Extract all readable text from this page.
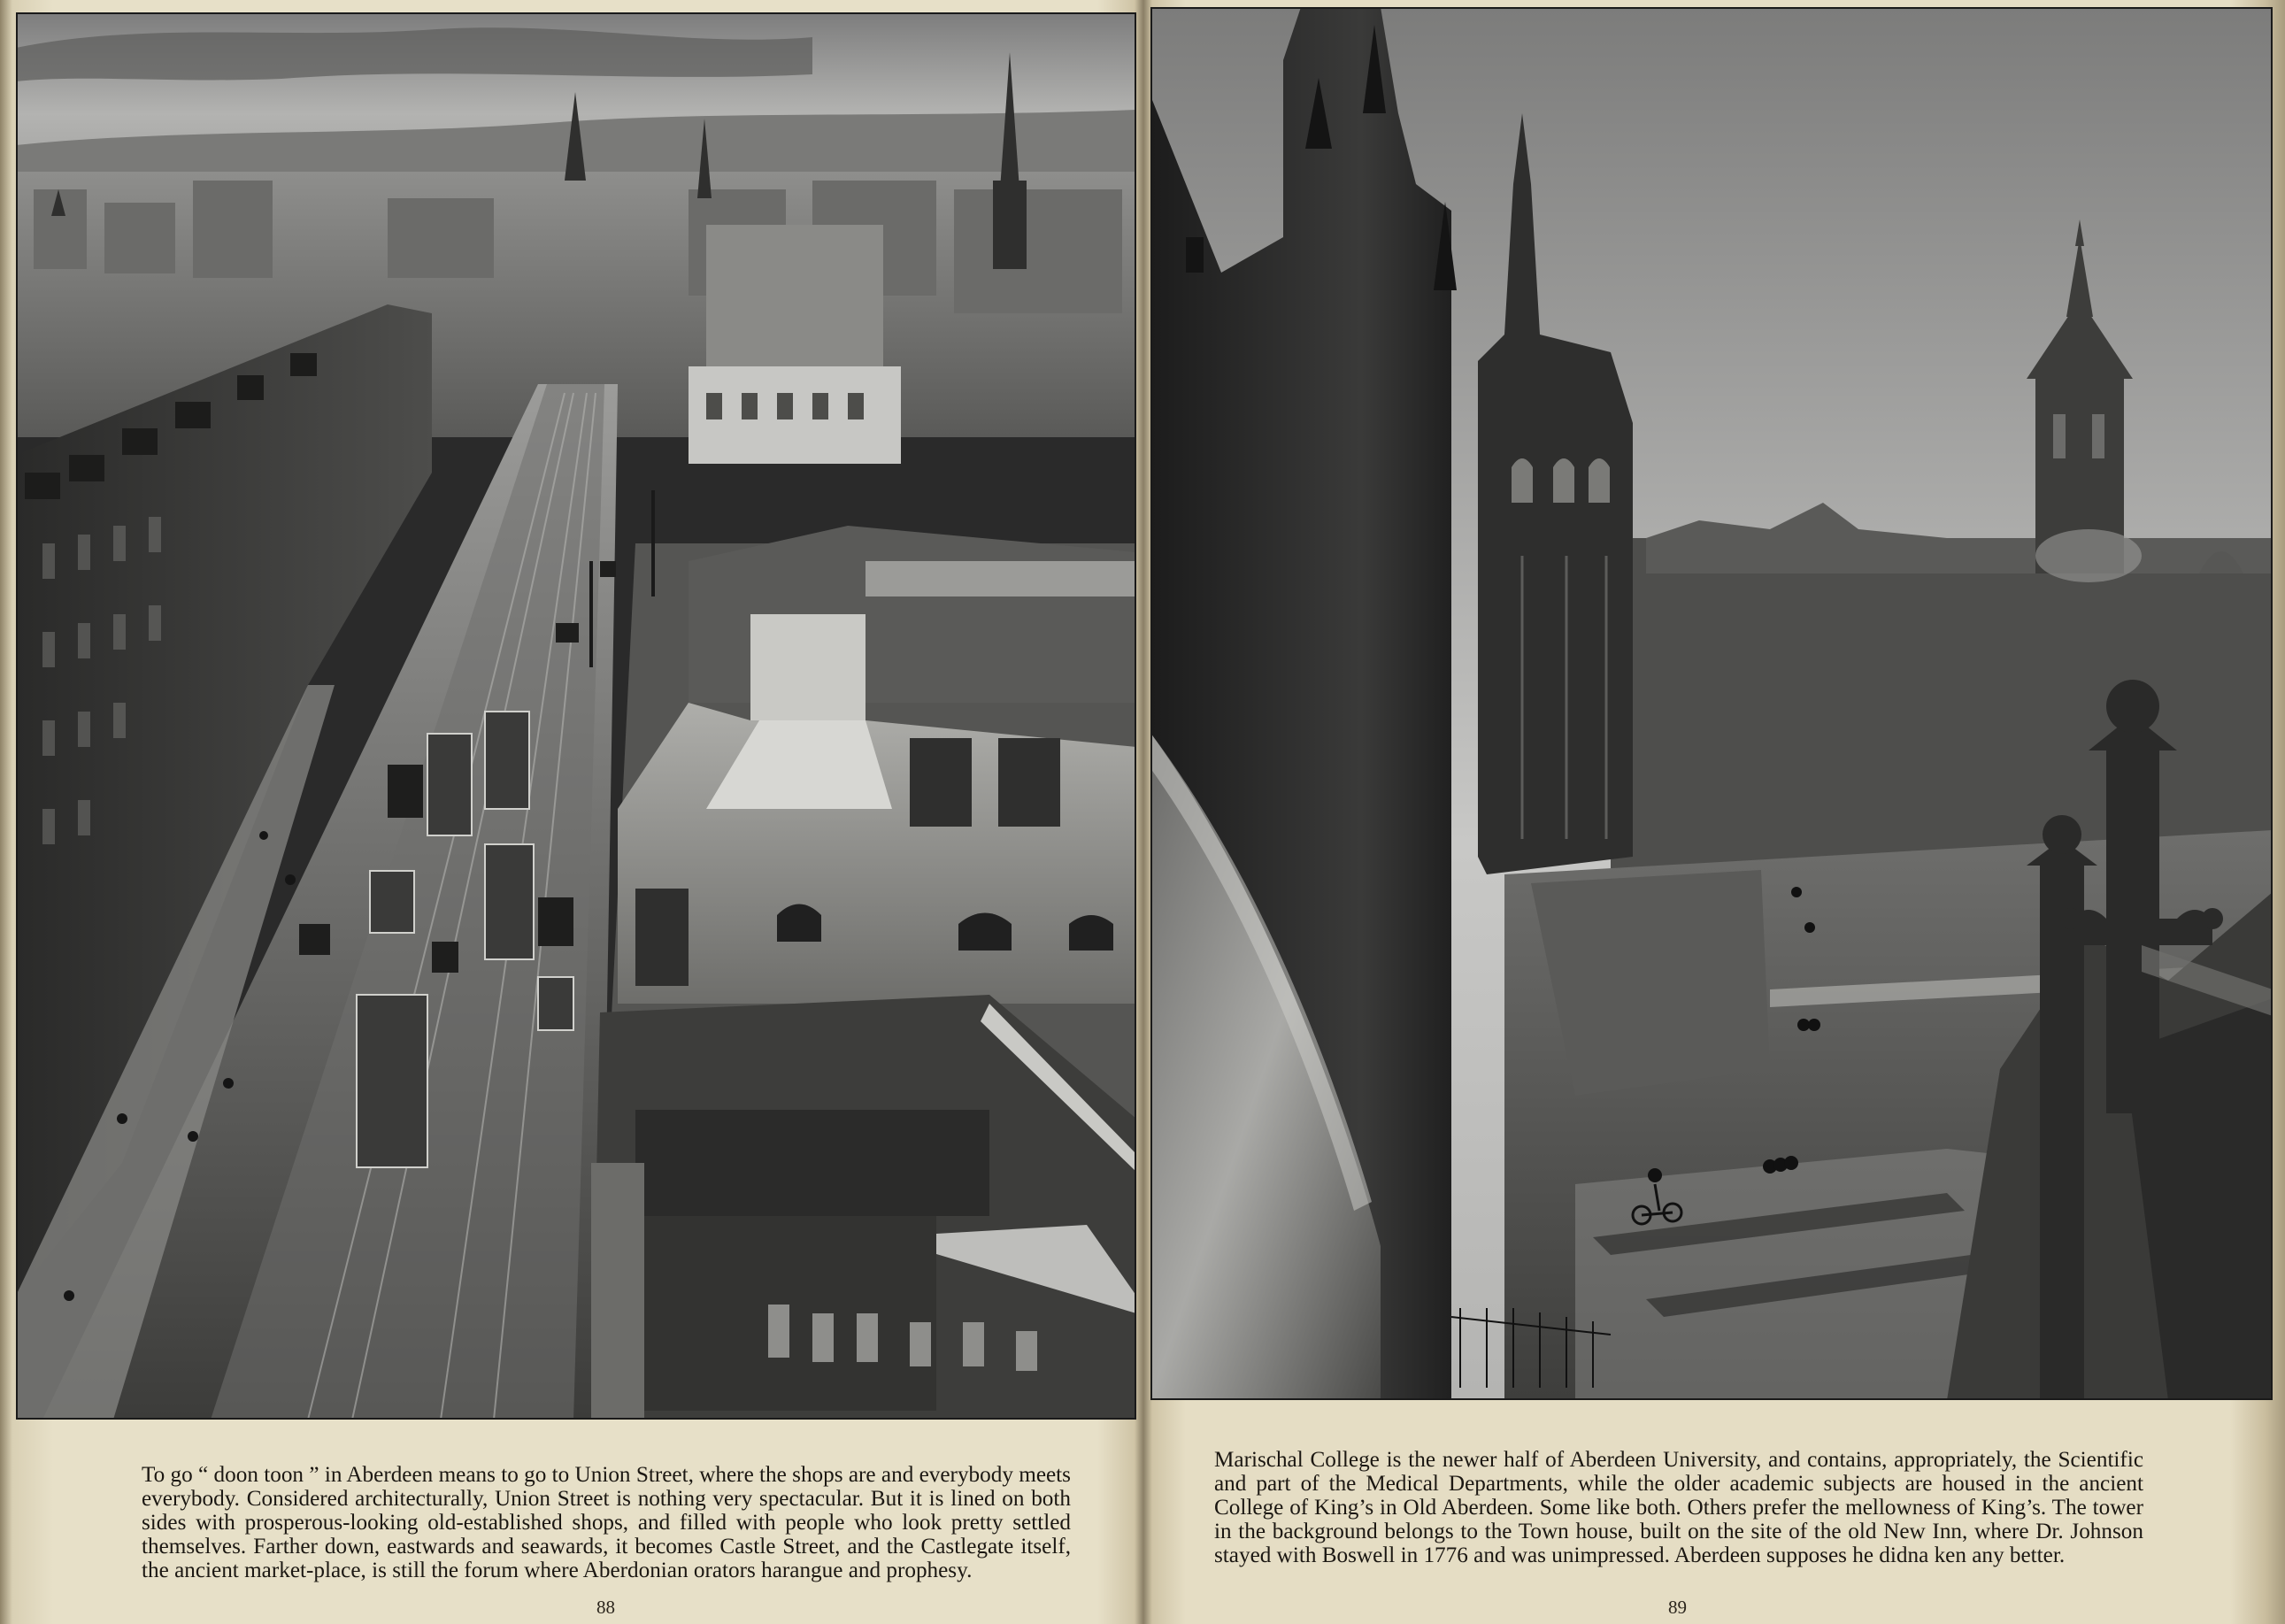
To go “ doon toon ” in Aberdeen means to go to Union Street, where the shops are and everybody meets everybody. Considered architecturally, Union Street is nothing very spectacular. But it is lined on both sides with prosperous-looking old-established shops, and filled with people who look pretty settled themselves. Farther down, eastwards and seawards, it becomes Castle Street, and the Castlegate itself, the ancient market-place, is still the forum where Aberdonian orators harangue and prophesy.

88

Marischal College is the newer half of Aberdeen University, and contains, appropriately, the Scientific and part of the Medical Departments, while the older academic subjects are housed in the ancient College of King’s in Old Aberdeen. Some like both. Others prefer the mellowness of King’s. The tower in the background belongs to the Town house, built on the site of the old New Inn, where Dr. Johnson stayed with Boswell in 1776 and was unimpressed. Aberdeen supposes he didna ken any better.

89
